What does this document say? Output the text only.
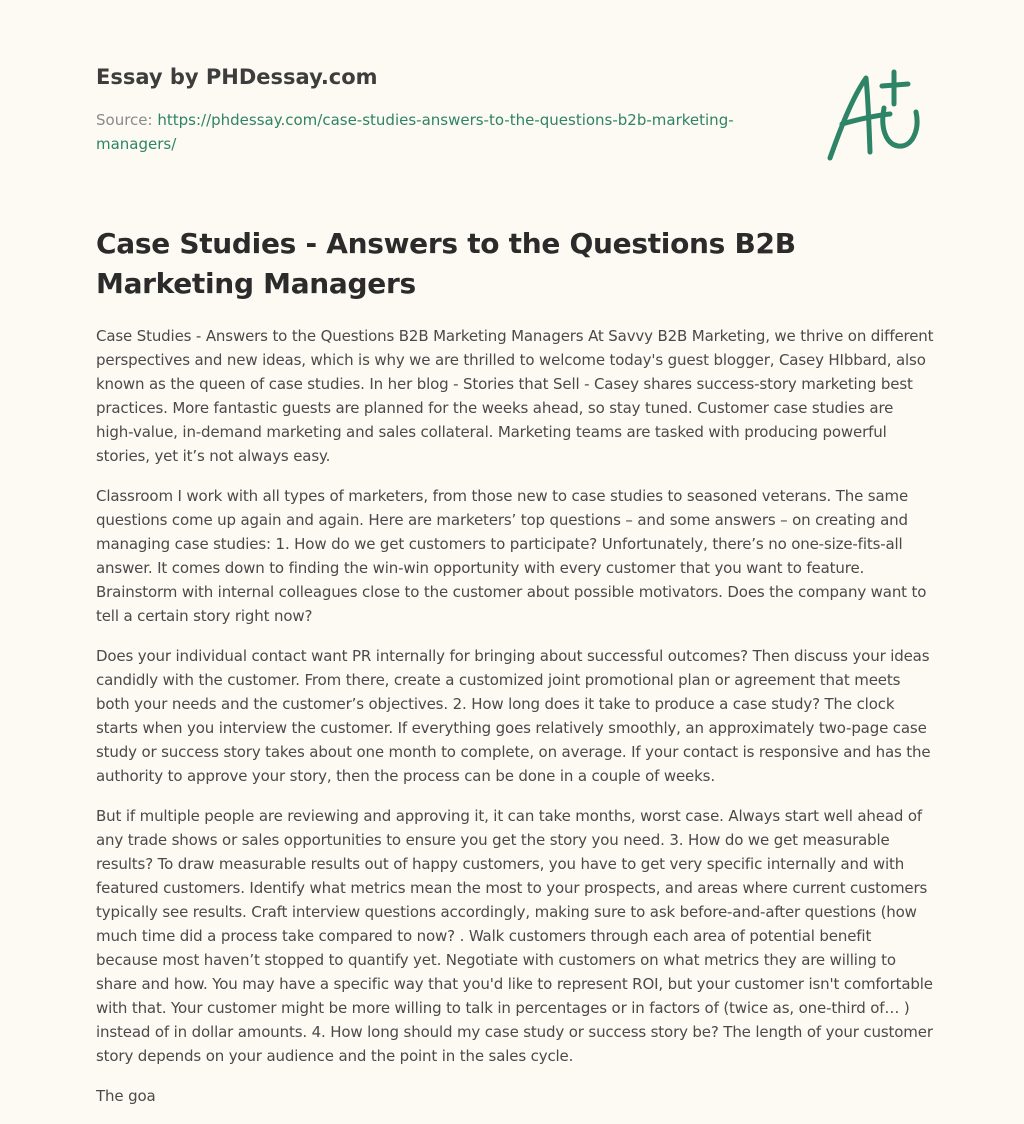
Essay by PHDessay.com
Source: https://phdessay.com/case-studies-answers-to-the-questions-b2b-marketing-managers/
Case Studies - Answers to the Questions B2B Marketing Managers

Case Studies - Answers to the Questions B2B Marketing Managers At Savvy B2B Marketing, we thrive on different perspectives and new ideas, which is why we are thrilled to welcome today's guest blogger, Casey HIbbard, also known as the queen of case studies. In her blog - Stories that Sell - Casey shares success-story marketing best practices. More fantastic guests are planned for the weeks ahead, so stay tuned. Customer case studies are high-value, in-demand marketing and sales collateral. Marketing teams are tasked with producing powerful stories, yet it’s not always easy.

Classroom I work with all types of marketers, from those new to case studies to seasoned veterans. The same questions come up again and again. Here are marketers’ top questions – and some answers – on creating and managing case studies: 1. How do we get customers to participate? Unfortunately, there’s no one-size-fits-all answer. It comes down to finding the win-win opportunity with every customer that you want to feature. Brainstorm with internal colleagues close to the customer about possible motivators. Does the company want to tell a certain story right now?

Does your individual contact want PR internally for bringing about successful outcomes? Then discuss your ideas candidly with the customer. From there, create a customized joint promotional plan or agreement that meets both your needs and the customer’s objectives. 2. How long does it take to produce a case study? The clock starts when you interview the customer. If everything goes relatively smoothly, an approximately two-page case study or success story takes about one month to complete, on average. If your contact is responsive and has the authority to approve your story, then the process can be done in a couple of weeks.

But if multiple people are reviewing and approving it, it can take months, worst case. Always start well ahead of any trade shows or sales opportunities to ensure you get the story you need. 3. How do we get measurable results? To draw measurable results out of happy customers, you have to get very specific internally and with featured customers. Identify what metrics mean the most to your prospects, and areas where current customers typically see results. Craft interview questions accordingly, making sure to ask before-and-after questions (how much time did a process take compared to now? . Walk customers through each area of potential benefit because most haven’t stopped to quantify yet. Negotiate with customers on what metrics they are willing to share and how. You may have a specific way that you'd like to represent ROI, but your customer isn't comfortable with that. Your customer might be more willing to talk in percentages or in factors of (twice as, one-third of… ) instead of in dollar amounts. 4. How long should my case study or success story be? The length of your customer story depends on your audience and the point in the sales cycle.

The goa
